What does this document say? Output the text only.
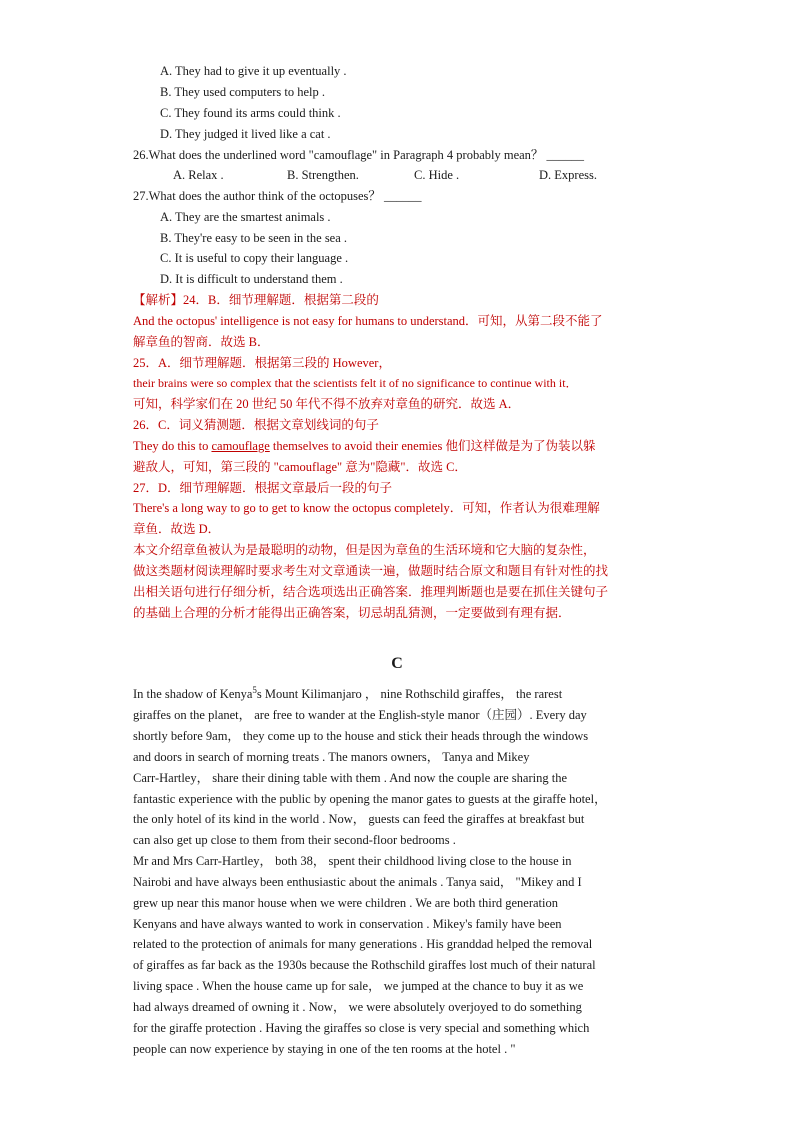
A. They had to give it up eventually .
B. They used computers to help .
C. They found its arms could think .
D. They judged it lived like a cat .
26.What does the underlined word "camouflage" in Paragraph 4 probably mean？ ______
A. Relax .	B. Strengthen.	C. Hide .	D. Express.
27.What does the author think of the octopuses？ ______
A. They are the smartest animals .
B. They're easy to be seen in the sea .
C. It is useful to copy their language .
D. It is difficult to understand them .
【解析】24．B．细节理解题．根据第二段的
And the octopus' intelligence is not easy for humans to understand．可知，从第二段不能了
解章鱼的智商．故选 B．
25．A．细节理解题．根据第三段的 However，
their brains were so complex that the scientists felt it of no significance to continue with it．
可知，科学家们在 20 世纪 50 年代不得不放弃对章鱼的研究．故选 A．
26．C．词义猜测题．根据文章划线词的句子
They do this to camouflage themselves to avoid their enemies 他们这样做是为了伪装以躲
避敌人，可知，第三段的 "camouflage" 意为"隐藏"．故选 C．
27．D．细节理解题．根据文章最后一段的句子
There's a long way to go to get to know the octopus completely．可知，作者认为很难理解
章鱼．故选 D．
本文介绍章鱼被认为是最聪明的动物，但是因为章鱼的生活环境和它大脑的复杂性，
做这类题材阅读理解时要求考生对文章通读一遍，做题时结合原文和题目有针对性的找
出相关语句进行仔细分析，结合选项选出正确答案．推理判断题也是要在抓住关键句子
的基础上合理的分析才能得出正确答案，切忌胡乱猜测，一定要做到有理有据．
C
In the shadow of Kenya$^5$s Mount Kilimanjaro ， nine Rothschild giraffes， the rarest
giraffes on the planet， are free to wander at the English-style manor（庄园）. Every day
shortly before 9am， they come up to the house and stick their heads through the windows
and doors in search of morning treats . The manors owners， Tanya and Mikey
Carr-Hartley， share their dining table with them . And now the couple are sharing the
fantastic experience with the public by opening the manor gates to guests at the giraffe hotel，
the only hotel of its kind in the world . Now， guests can feed the giraffes at breakfast but
can also get up close to them from their second-floor bedrooms .
Mr and Mrs Carr-Hartley， both 38， spent their childhood living close to the house in
Nairobi and have always been enthusiastic about the animals . Tanya said， "Mikey and I
grew up near this manor house when we were children . We are both third generation
Kenyans and have always wanted to work in conservation . Mikey's family have been
related to the protection of animals for many generations . His granddad helped the removal
of giraffes as far back as the 1930s because the Rothschild giraffes lost much of their natural
living space . When the house came up for sale， we jumped at the chance to buy it as we
had always dreamed of owning it . Now， we were absolutely overjoyed to do something
for the giraffe protection . Having the giraffes so close is very special and something which
people can now experience by staying in one of the ten rooms at the hotel . "
